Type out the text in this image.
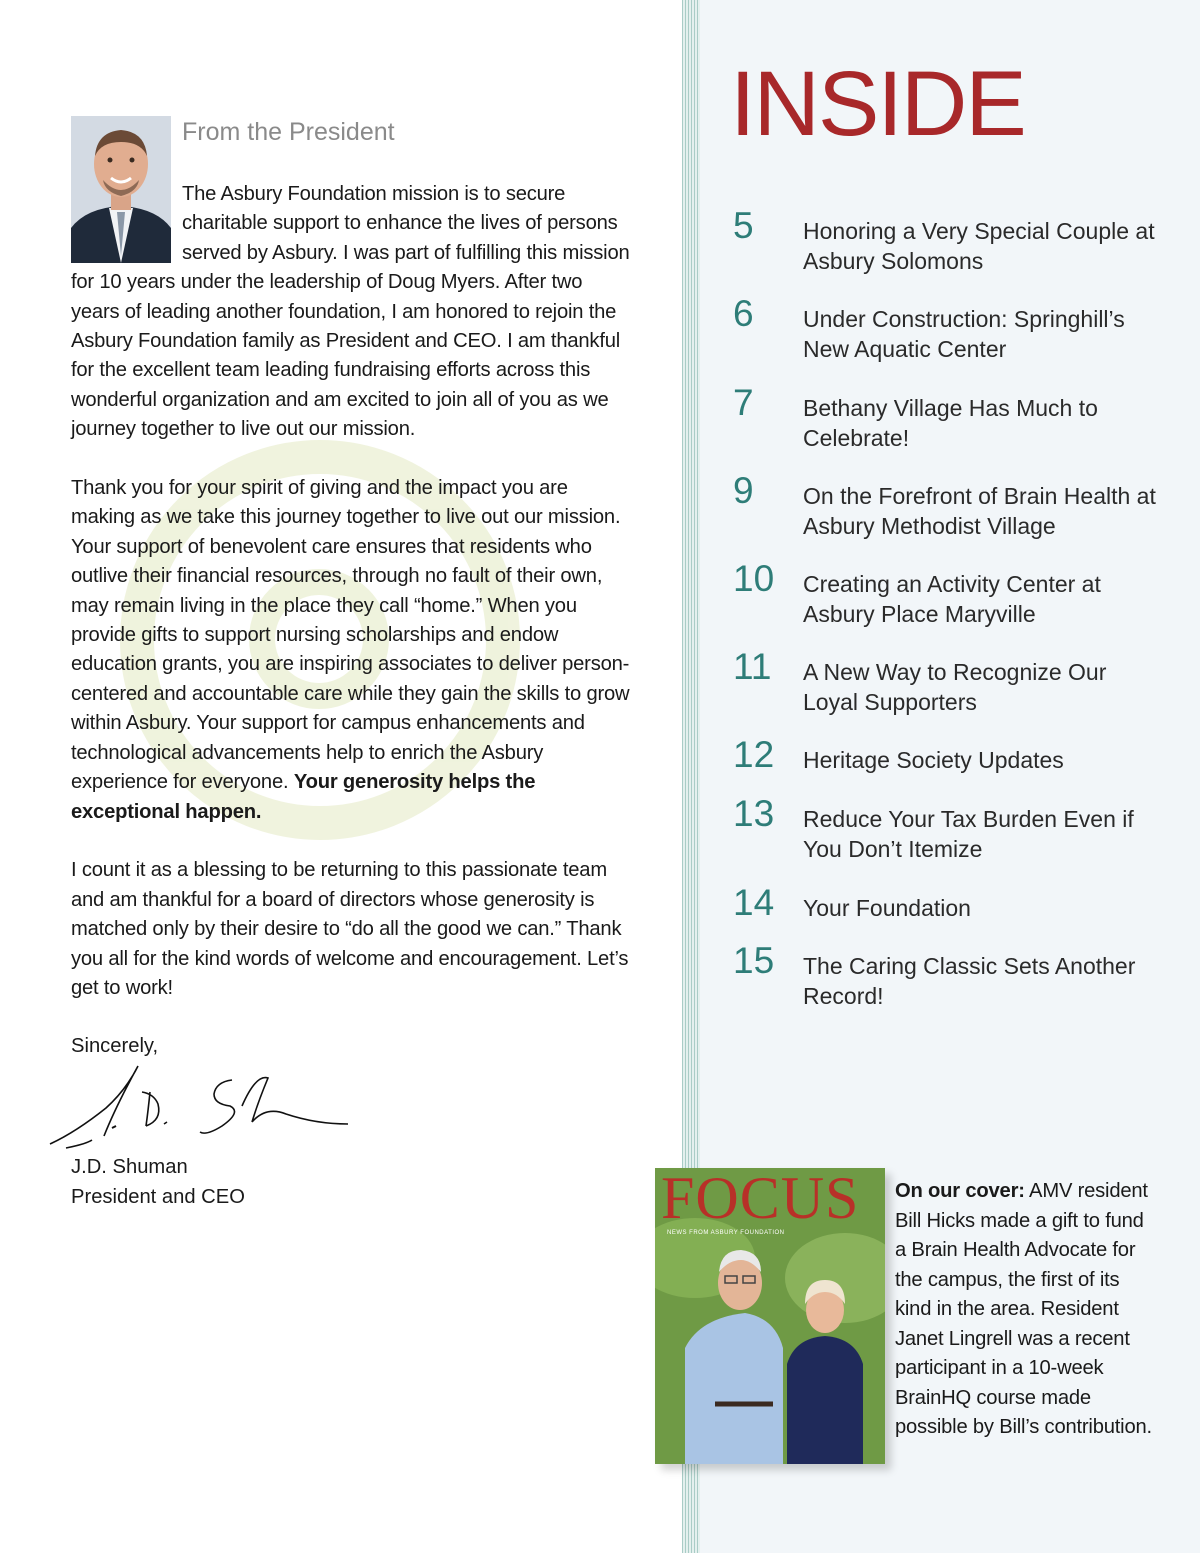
From the President

The Asbury Foundation mission is to secure charitable support to enhance the lives of persons served by Asbury. I was part of fulfilling this mission for 10 years under the leadership of Doug Myers. After two years of leading another foundation, I am honored to rejoin the Asbury Foundation family as President and CEO. I am thankful for the excellent team leading fundraising efforts across this wonderful organization and am excited to join all of you as we journey together to live out our mission.

Thank you for your spirit of giving and the impact you are making as we take this journey together to live out our mission. Your support of benevolent care ensures that residents who outlive their financial resources, through no fault of their own, may remain living in the place they call “home.” When you provide gifts to support nursing scholarships and endow education grants, you are inspiring associates to deliver person-centered and accountable care while they gain the skills to grow within Asbury. Your support for campus enhancements and technological advancements help to enrich the Asbury experience for everyone. Your generosity helps the exceptional happen.

I count it as a blessing to be returning to this passionate team and am thankful for a board of directors whose generosity is matched only by their desire to “do all the good we can.” Thank you all for the kind words of welcome and encouragement. Let’s get to work!

Sincerely,
J.D. Shuman
President and CEO
INSIDE
5 Honoring a Very Special Couple at Asbury Solomons
6 Under Construction: Springhill’s New Aquatic Center
7 Bethany Village Has Much to Celebrate!
9 On the Forefront of Brain Health at Asbury Methodist Village
10 Creating an Activity Center at Asbury Place Maryville
11 A New Way to Recognize Our Loyal Supporters
12 Heritage Society Updates
13 Reduce Your Tax Burden Even if You Don’t Itemize
14 Your Foundation
15 The Caring Classic Sets Another Record!
FOCUS
NEWS FROM ASBURY FOUNDATION
On our cover: AMV resident Bill Hicks made a gift to fund a Brain Health Advocate for the campus, the first of its kind in the area. Resident Janet Lingrell was a recent participant in a 10-week BrainHQ course made possible by Bill’s contribution.
